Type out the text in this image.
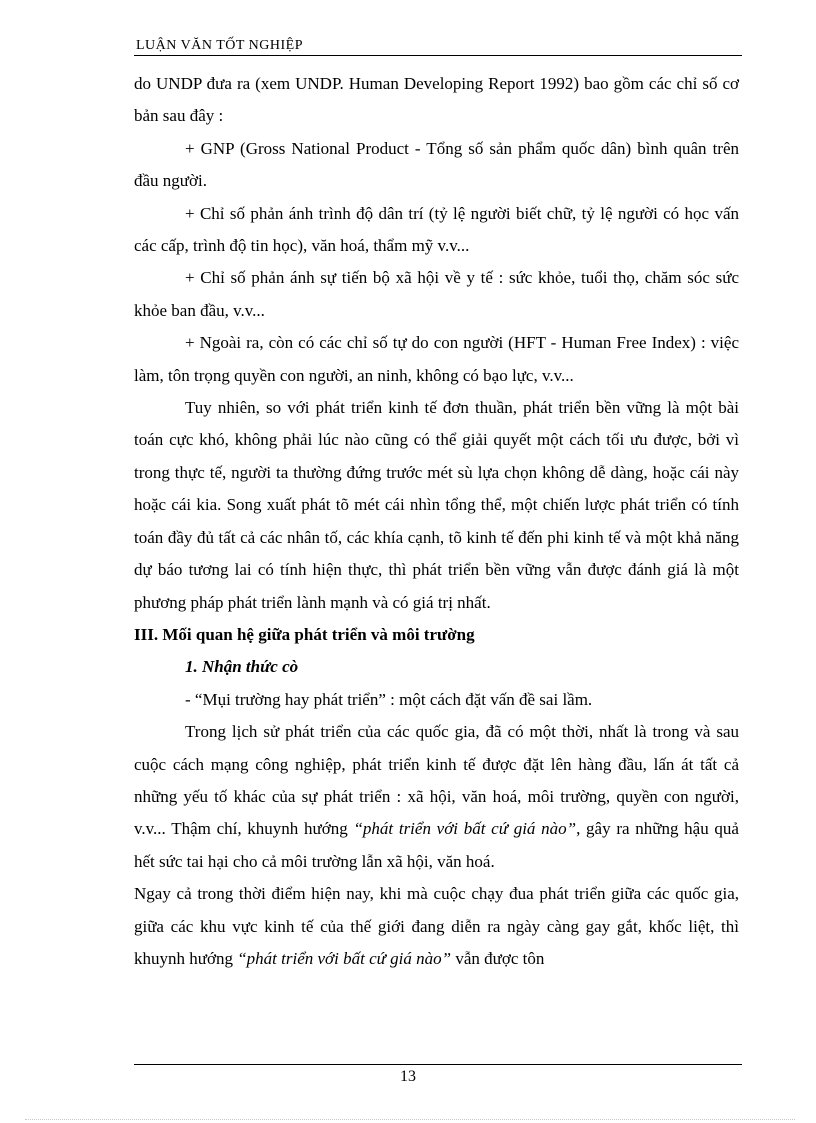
LUẬN VĂN TỐT NGHIỆP

do UNDP đưa ra (xem UNDP. Human Developing Report 1992) bao gồm các chỉ số cơ bản sau đây :

+ GNP (Gross National Product - Tổng số sản phẩm quốc dân) bình quân trên đầu người.

+ Chỉ số phản ánh trình độ dân trí (tỷ lệ người biết chữ, tỷ lệ người có học vấn các cấp, trình độ tin học), văn hoá, thẩm mỹ v.v...

+ Chỉ số phản ánh sự tiến bộ xã hội về y tế : sức khỏe, tuổi thọ, chăm sóc sức khỏe ban đầu, v.v...

+ Ngoài ra, còn có các chỉ số tự do con người (HFT - Human Free Index) : việc làm, tôn trọng quyền con người, an ninh, không có bạo lực, v.v...

Tuy nhiên, so với phát triển kinh tế đơn thuần, phát triển bền vững là một bài toán cực khó, không phải lúc nào cũng có thể giải quyết một cách tối ưu được, bởi vì trong thực tế, người ta thường đứng trước mét sù lựa chọn không dễ dàng, hoặc cái này hoặc cái kia. Song xuất phát tõ mét cái nhìn tổng thể, một chiến lược phát triển có tính toán đầy đủ tất cả các nhân tố, các khía cạnh, tõ kinh tế đến phi kinh tế và một khả năng dự báo tương lai có tính hiện thực, thì phát triển bền vững vẫn được đánh giá là một phương pháp phát triển lành mạnh và có giá trị nhất.

III. Mối quan hệ giữa phát triển và môi trường

1. Nhận thức cò

- “Mụi trường hay phát triển” : một cách đặt vấn đề sai lầm.

Trong lịch sử phát triển của các quốc gia, đã có một thời, nhất là trong và sau cuộc cách mạng công nghiệp, phát triển kinh tế được đặt lên hàng đầu, lấn át tất cả những yếu tố khác của sự phát triển : xã hội, văn hoá, môi trường, quyền con người, v.v... Thậm chí, khuynh hướng “phát triển với bất cứ giá nào”, gây ra những hậu quả hết sức tai hại cho cả môi trường lẫn xã hội, văn hoá.

Ngay cả trong thời điểm hiện nay, khi mà cuộc chạy đua phát triển giữa các quốc gia, giữa các khu vực kinh tế của thế giới đang diễn ra ngày càng gay gắt, khốc liệt, thì khuynh hướng “phát triển với bất cứ giá nào” vẫn được tôn

13
